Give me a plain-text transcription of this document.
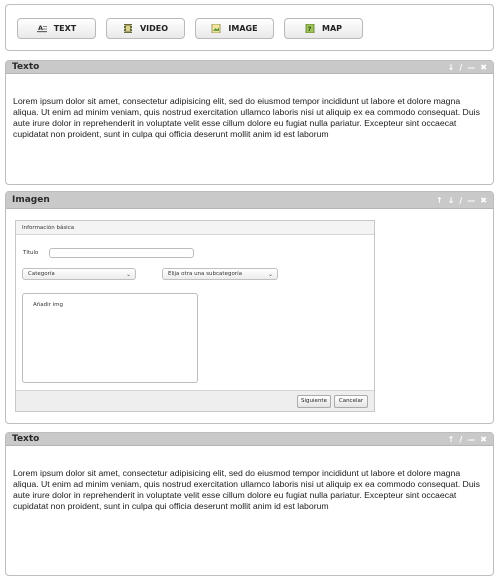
A TEXT	VIDEO	IMAGE	? MAP
Texto	↓ ∕ — ✖

Lorem ipsum dolor sit amet, consectetur adipisicing elit, sed do eiusmod tempor incididunt ut labore et dolore magna aliqua. Ut enim ad minim veniam, quis nostrud exercitation ullamco laboris nisi ut aliquip ex ea commodo consequat. Duis aute irure dolor in reprehenderit in voluptate velit esse cillum dolore eu fugiat nulla pariatur. Excepteur sint occaecat cupidatat non proident, sunt in culpa qui officia deserunt mollit anim id est laborum

Imagen	↑ ↓ ∕ — ✖
Información básica
Título
Categoría	⌄	Elija otra una subcategoría	⌄
Añadir img
Siguiente	Cancelar
Texto	↑ ∕ — ✖

Lorem ipsum dolor sit amet, consectetur adipisicing elit, sed do eiusmod tempor incididunt ut labore et dolore magna aliqua. Ut enim ad minim veniam, quis nostrud exercitation ullamco laboris nisi ut aliquip ex ea commodo consequat. Duis aute irure dolor in reprehenderit in voluptate velit esse cillum dolore eu fugiat nulla pariatur. Excepteur sint occaecat cupidatat non proident, sunt in culpa qui officia deserunt mollit anim id est laborum
